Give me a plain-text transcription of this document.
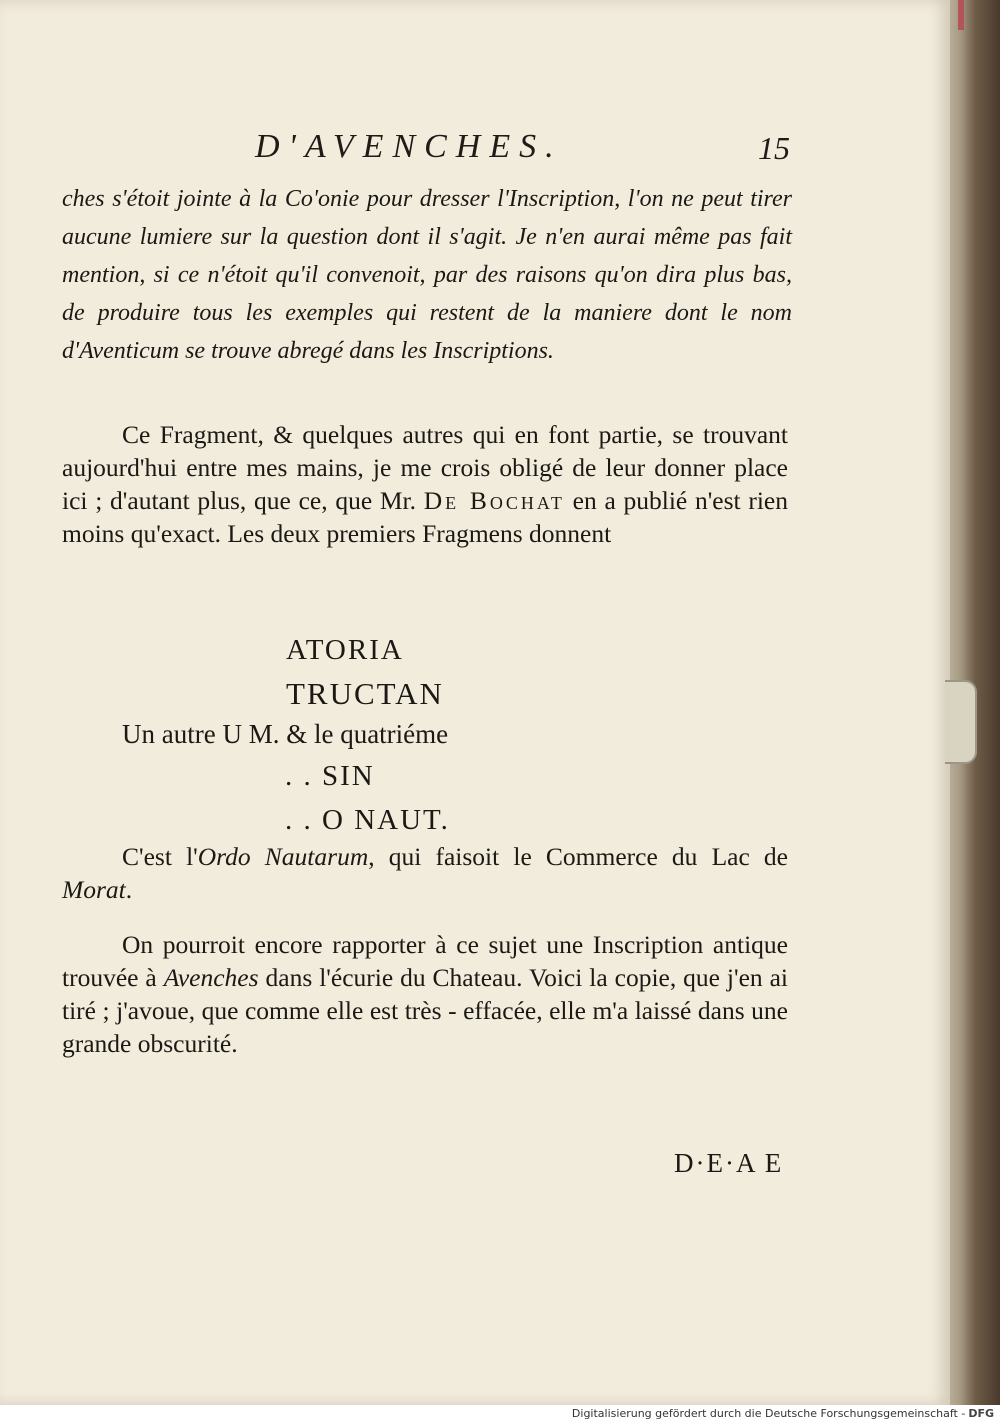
D'AVENCHES.	15
ches s'étoit jointe à la Co'onie pour dresser l'Inscription, l'on ne peut tirer aucune lumiere sur la question dont il s'agit. Je n'en aurai même pas fait mention, si ce n'étoit qu'il convenoit, par des raisons qu'on dira plus bas, de produire tous les exemples qui restent de la maniere dont le nom d'Aventicum se trouve abregé dans les Inscriptions.
Ce Fragment, & quelques autres qui en font partie, se trouvant aujourd'hui entre mes mains, je me crois obligé de leur donner place ici ; d'autant plus, que ce, que Mr. De Bochat en a publié n'est rien moins qu'exact. Les deux premiers Fragmens donnent
ATORIA
TRUCTAN
Un autre U M. & le quatriéme
. . SIN
. . O NAUT.
C'est l'Ordo Nautarum, qui faisoit le Commerce du Lac de Morat.
On pourroit encore rapporter à ce sujet une Inscription antique trouvée à Avenches dans l'écurie du Chateau. Voici la copie, que j'en ai tiré ; j'avoue, que comme elle est très - effacée, elle m'a laissé dans une grande obscurité.
D·E·A E
Digitalisierung gefördert durch die Deutsche Forschungsgemeinschaft - DFG
